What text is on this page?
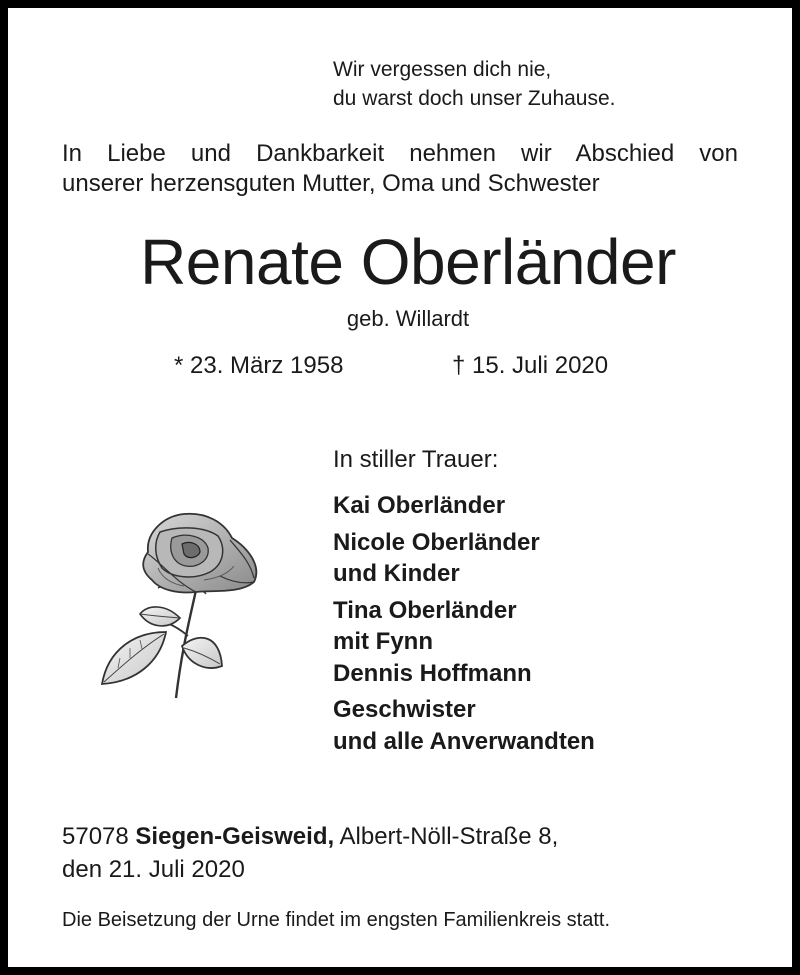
Wir vergessen dich nie,
du warst doch unser Zuhause.
In Liebe und Dankbarkeit nehmen wir Abschied von
unserer herzensguten Mutter, Oma und Schwester
Renate Oberländer
geb. Willardt
* 23. März 1958	† 15. Juli 2020
In stiller Trauer:
Kai Oberländer
Nicole Oberländer
und Kinder
Tina Oberländer
mit Fynn
Dennis Hoffmann
Geschwister
und alle Anverwandten
57078 Siegen-Geisweid, Albert-Nöll-Straße 8,
den 21. Juli 2020
Die Beisetzung der Urne findet im engsten Familienkreis statt.
